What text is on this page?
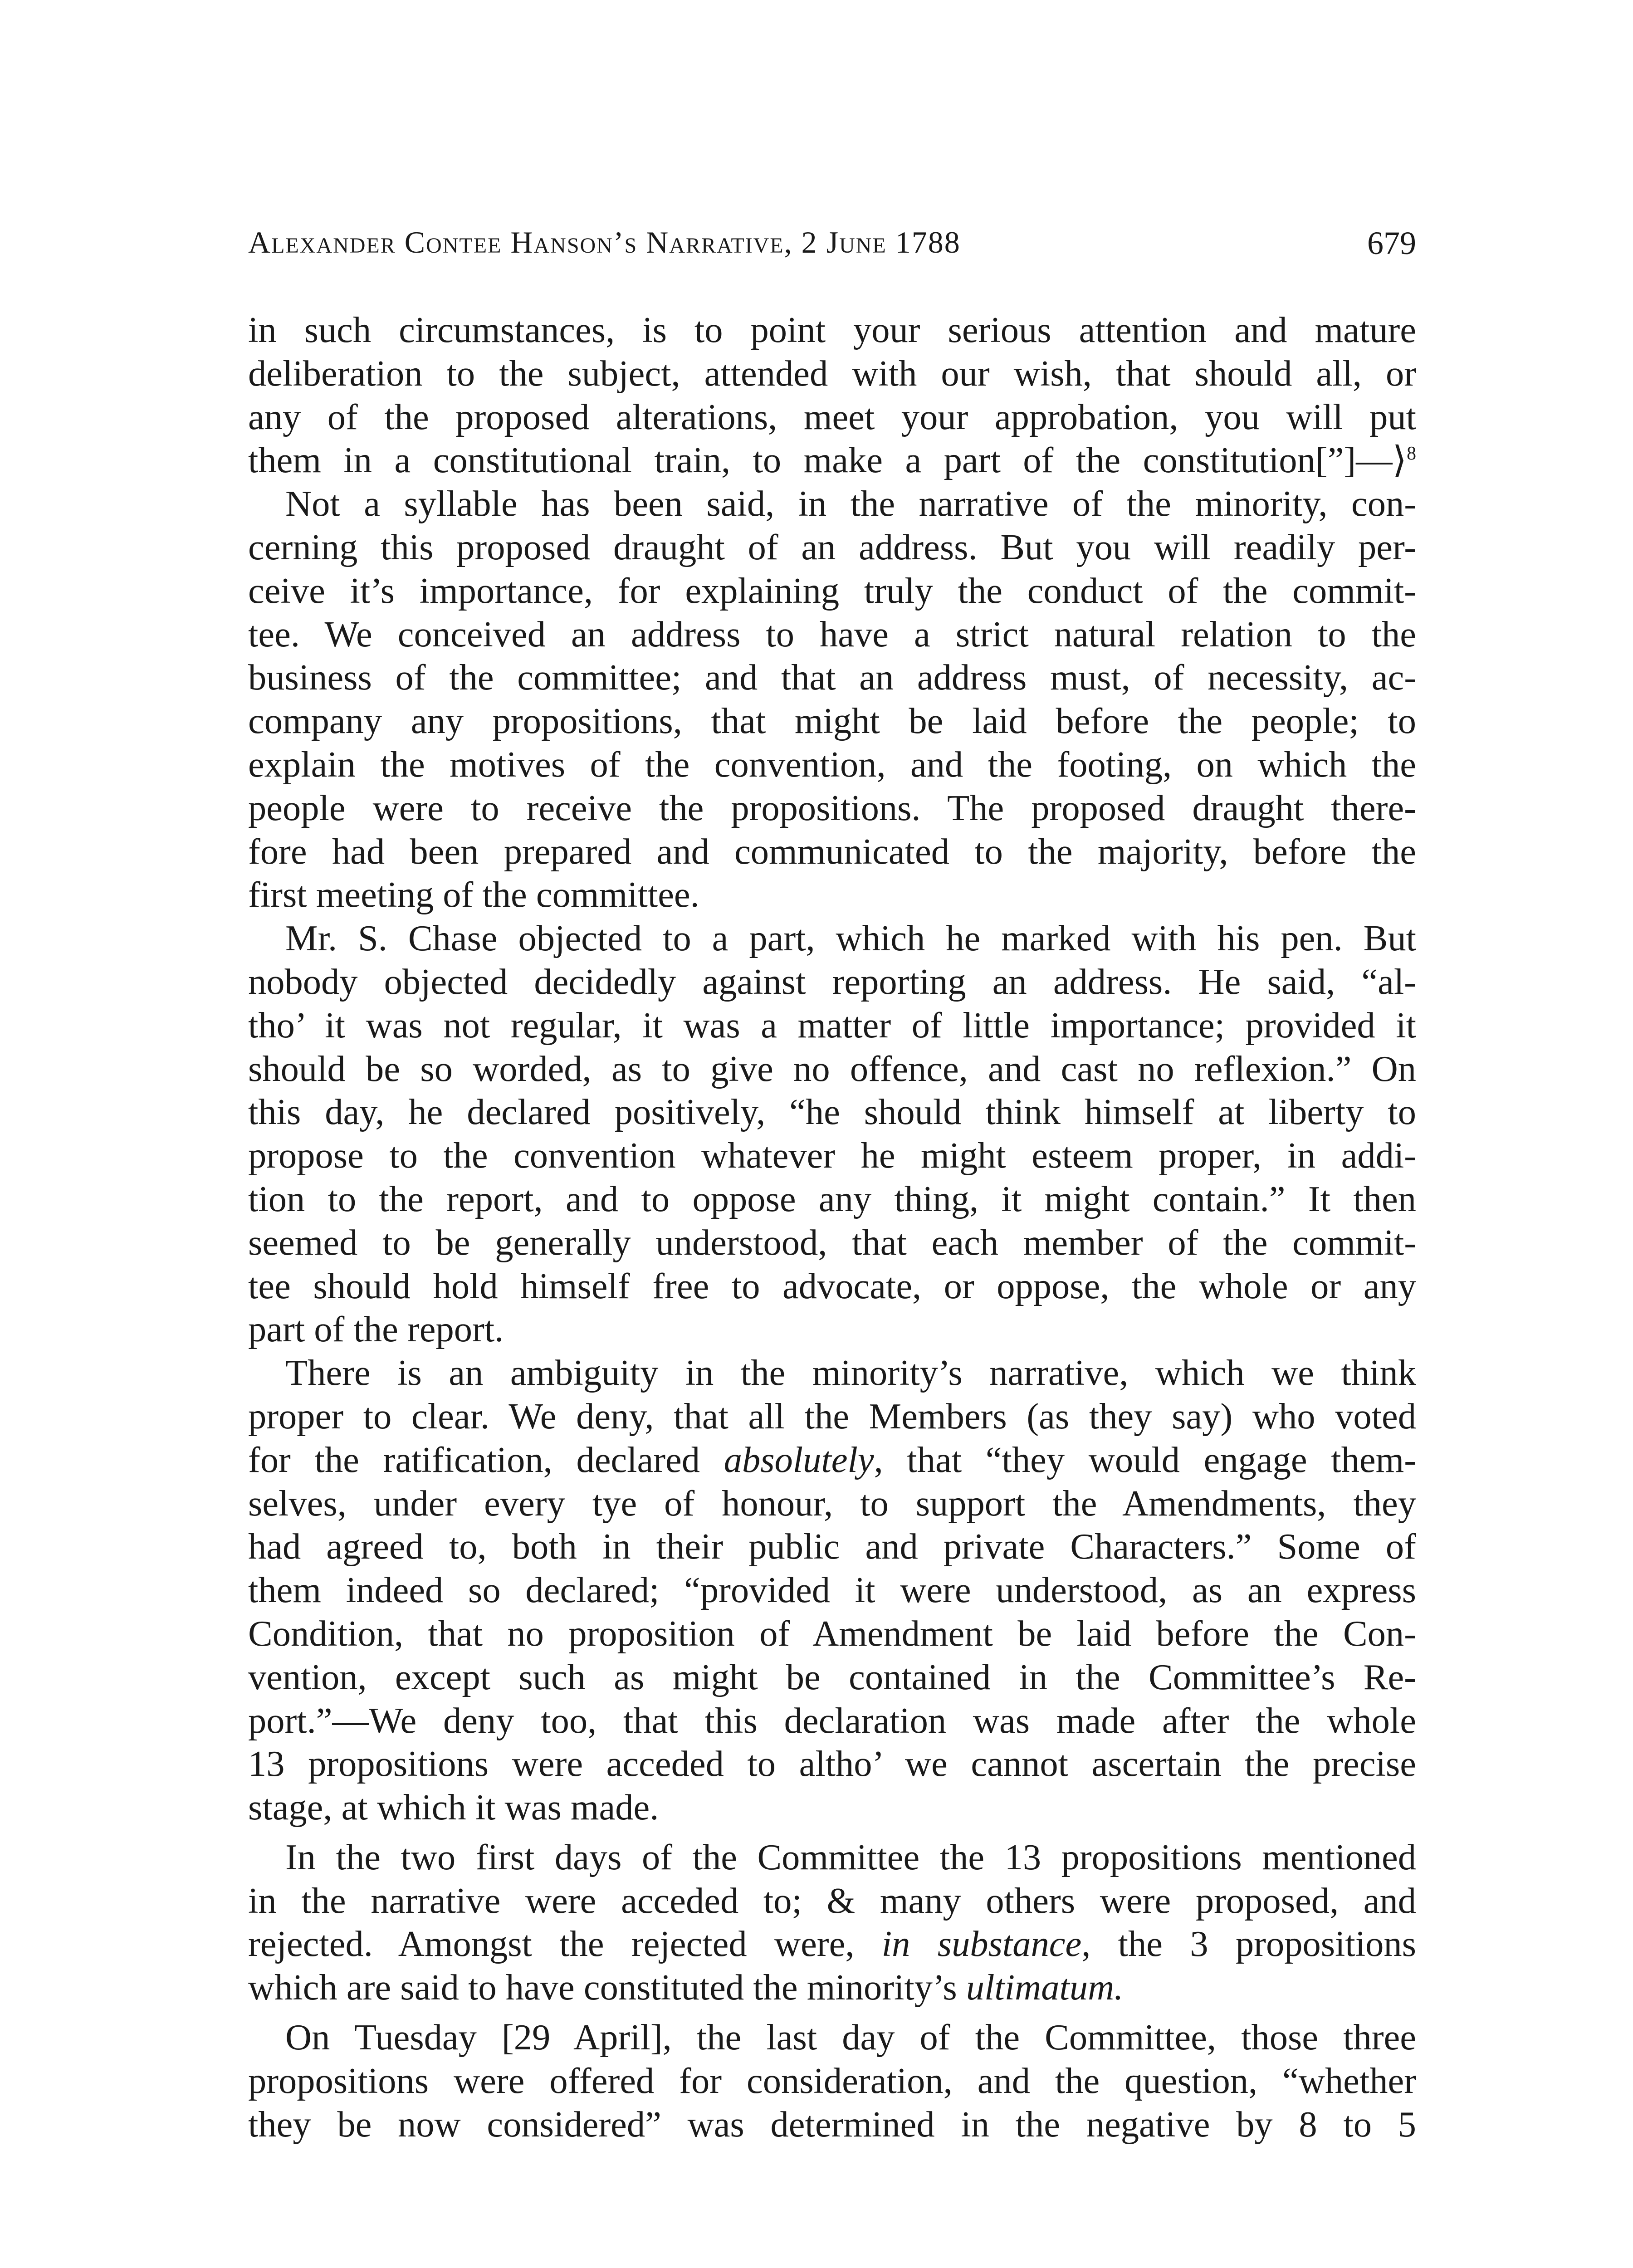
Alexander Contee Hanson’s Narrative, 2 June 1788	679
in such circumstances, is to point your serious attention and mature
deliberation to the subject, attended with our wish, that should all, or
any of the proposed alterations, meet your approbation, you will put
them in a constitutional train, to make a part of the constitution[”]—⟩$^8$
Not a syllable has been said, in the narrative of the minority, con-
cerning this proposed draught of an address. But you will readily per-
ceive it’s importance, for explaining truly the conduct of the commit-
tee. We conceived an address to have a strict natural relation to the
business of the committee; and that an address must, of necessity, ac-
company any propositions, that might be laid before the people; to
explain the motives of the convention, and the footing, on which the
people were to receive the propositions. The proposed draught there-
fore had been prepared and communicated to the majority, before the
first meeting of the committee.
Mr. S. Chase objected to a part, which he marked with his pen. But
nobody objected decidedly against reporting an address. He said, “al-
tho’ it was not regular, it was a matter of little importance; provided it
should be so worded, as to give no offence, and cast no reflexion.” On
this day, he declared positively, “he should think himself at liberty to
propose to the convention whatever he might esteem proper, in addi-
tion to the report, and to oppose any thing, it might contain.” It then
seemed to be generally understood, that each member of the commit-
tee should hold himself free to advocate, or oppose, the whole or any
part of the report.
There is an ambiguity in the minority’s narrative, which we think
proper to clear. We deny, that all the Members (as they say) who voted
for the ratification, declared absolutely, that “they would engage them-
selves, under every tye of honour, to support the Amendments, they
had agreed to, both in their public and private Characters.” Some of
them indeed so declared; “provided it were understood, as an express
Condition, that no proposition of Amendment be laid before the Con-
vention, except such as might be contained in the Committee’s Re-
port.”—We deny too, that this declaration was made after the whole
13 propositions were acceded to altho’ we cannot ascertain the precise
stage, at which it was made.
In the two first days of the Committee the 13 propositions mentioned
in the narrative were acceded to; & many others were proposed, and
rejected. Amongst the rejected were, in substance, the 3 propositions
which are said to have constituted the minority’s ultimatum.
On Tuesday [29 April], the last day of the Committee, those three
propositions were offered for consideration, and the question, “whether
they be now considered” was determined in the negative by 8 to 5
